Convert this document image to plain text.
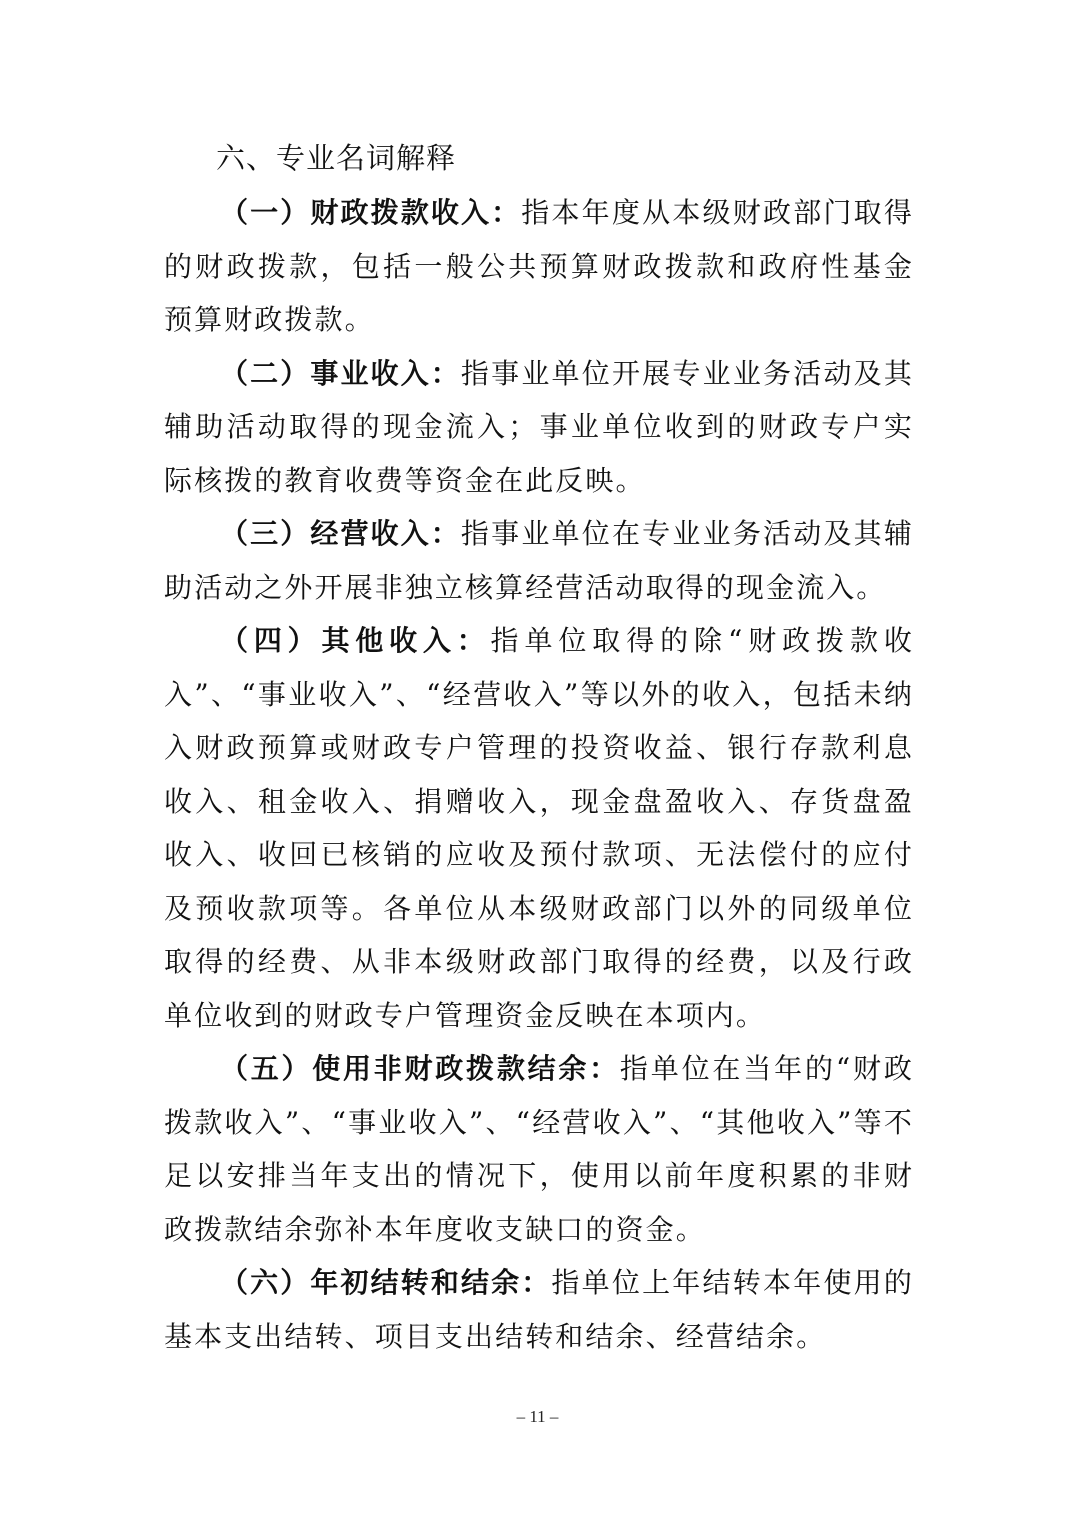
六、专业名词解释

（一）财政拨款收入：指本年度从本级财政部门取得的财政拨款，包括一般公共预算财政拨款和政府性基金预算财政拨款。

（二）事业收入：指事业单位开展专业业务活动及其辅助活动取得的现金流入；事业单位收到的财政专户实际核拨的教育收费等资金在此反映。

（三）经营收入：指事业单位在专业业务活动及其辅助活动之外开展非独立核算经营活动取得的现金流入。

（四）其他收入：指单位取得的除“财政拨款收入”、“事业收入”、“经营收入”等以外的收入，包括未纳入财政预算或财政专户管理的投资收益、银行存款利息收入、租金收入、捐赠收入，现金盘盈收入、存货盘盈收入、收回已核销的应收及预付款项、无法偿付的应付及预收款项等。各单位从本级财政部门以外的同级单位取得的经费、从非本级财政部门取得的经费，以及行政单位收到的财政专户管理资金反映在本项内。

（五）使用非财政拨款结余：指单位在当年的“财政拨款收入”、“事业收入”、“经营收入”、“其他收入”等不足以安排当年支出的情况下，使用以前年度积累的非财政拨款结余弥补本年度收支缺口的资金。

（六）年初结转和结余：指单位上年结转本年使用的基本支出结转、项目支出结转和结余、经营结余。

– 11 –
